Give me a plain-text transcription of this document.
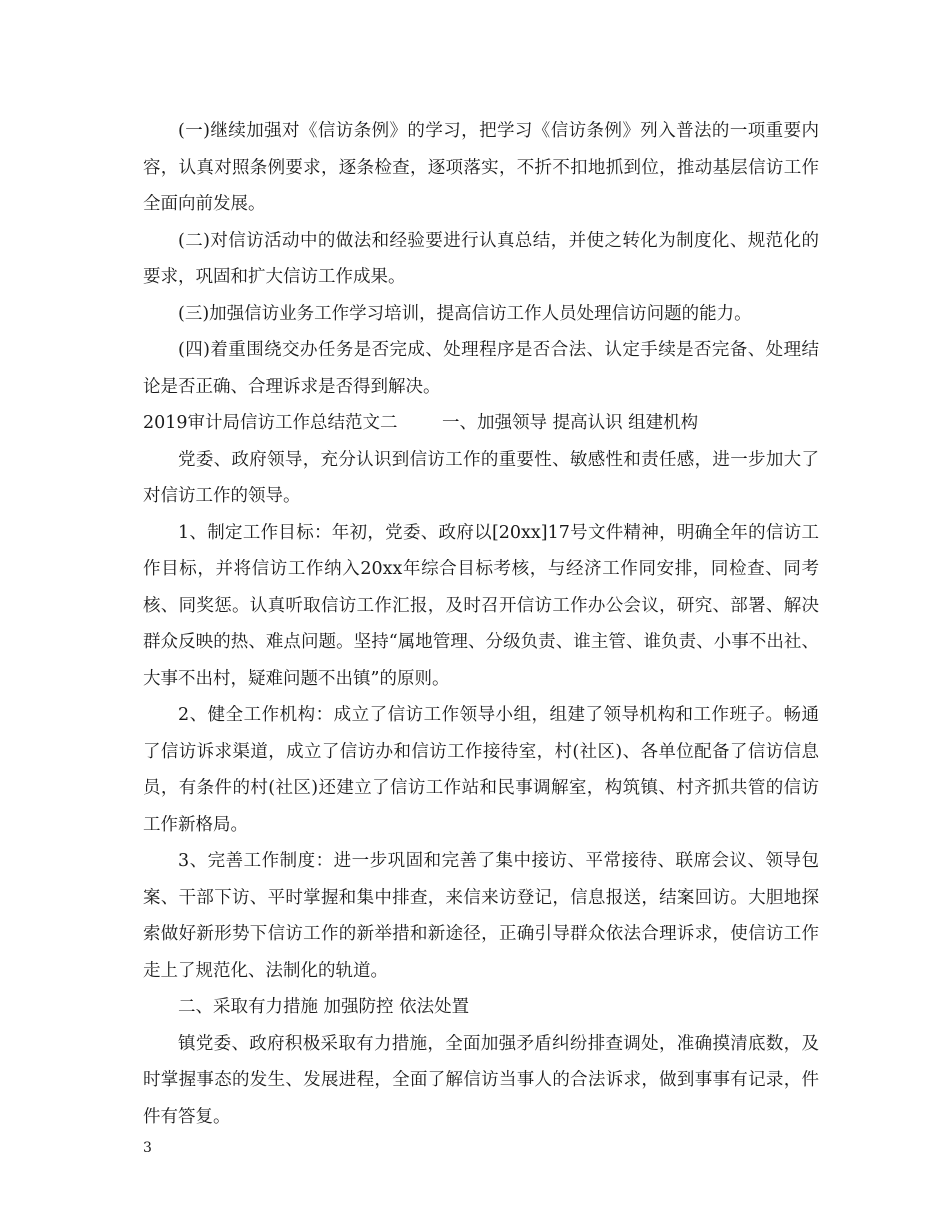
(一)继续加强对《信访条例》的学习，把学习《信访条例》列入普法的一项重要内容，认真对照条例要求，逐条检查，逐项落实，不折不扣地抓到位，推动基层信访工作全面向前发展。

(二)对信访活动中的做法和经验要进行认真总结，并使之转化为制度化、规范化的要求，巩固和扩大信访工作成果。

(三)加强信访业务工作学习培训，提高信访工作人员处理信访问题的能力。

(四)着重围绕交办任务是否完成、处理程序是否合法、认定手续是否完备、处理结论是否正确、合理诉求是否得到解决。

2019审计局信访工作总结范文二        一、加强领导 提高认识 组建机构

党委、政府领导，充分认识到信访工作的重要性、敏感性和责任感，进一步加大了对信访工作的领导。

1、制定工作目标：年初，党委、政府以[20xx]17号文件精神，明确全年的信访工作目标，并将信访工作纳入20xx年综合目标考核，与经济工作同安排，同检查、同考核、同奖惩。认真听取信访工作汇报，及时召开信访工作办公会议，研究、部署、解决群众反映的热、难点问题。坚持“属地管理、分级负责、谁主管、谁负责、小事不出社、大事不出村，疑难问题不出镇”的原则。

2、健全工作机构：成立了信访工作领导小组，组建了领导机构和工作班子。畅通了信访诉求渠道，成立了信访办和信访工作接待室，村(社区)、各单位配备了信访信息员，有条件的村(社区)还建立了信访工作站和民事调解室，构筑镇、村齐抓共管的信访工作新格局。

3、完善工作制度：进一步巩固和完善了集中接访、平常接待、联席会议、领导包案、干部下访、平时掌握和集中排查，来信来访登记，信息报送，结案回访。大胆地探索做好新形势下信访工作的新举措和新途径，正确引导群众依法合理诉求，使信访工作走上了规范化、法制化的轨道。

二、采取有力措施 加强防控 依法处置

镇党委、政府积极采取有力措施，全面加强矛盾纠纷排查调处，准确摸清底数，及时掌握事态的发生、发展进程，全面了解信访当事人的合法诉求，做到事事有记录，件件有答复。

3
